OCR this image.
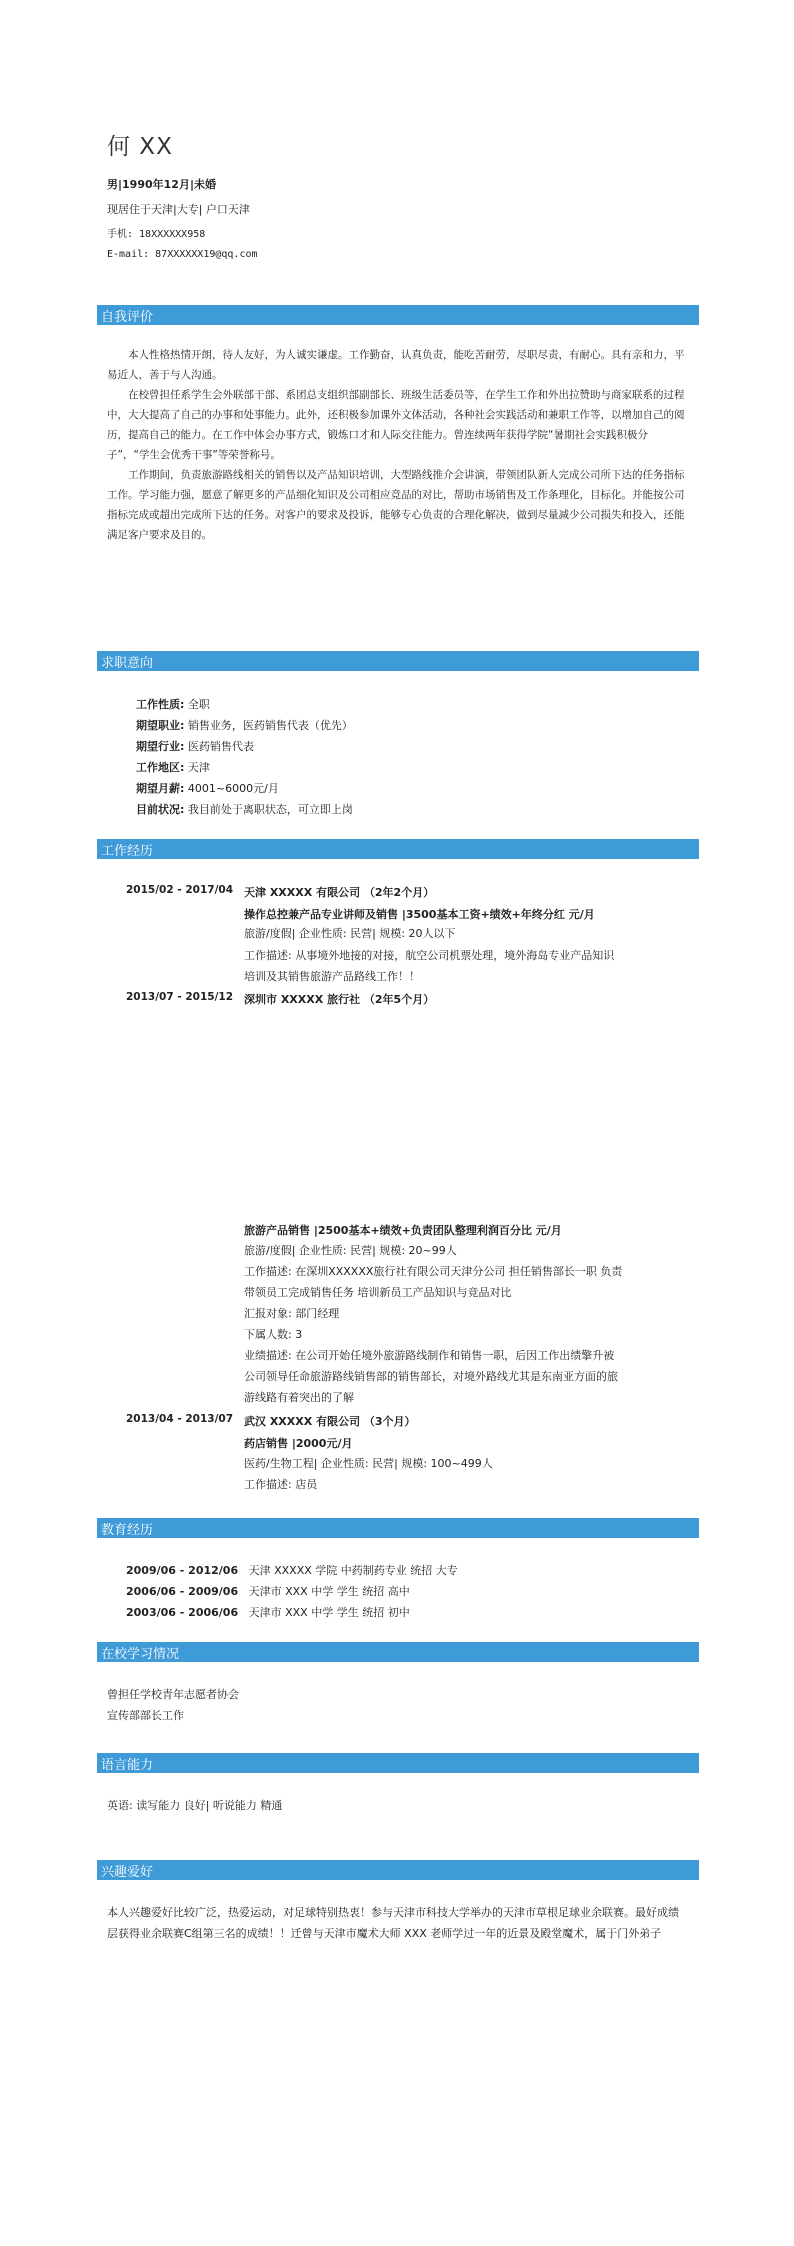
何 XX
男|1990年12月|未婚
现居住于天津|大专| 户口天津
手机: 18XXXXXX958
E-mail: 87XXXXXX19@qq.com
自我评价

本人性格热情开朗，待人友好，为人诚实谦虚。工作勤奋，认真负责，能吃苦耐劳，尽职尽责，有耐心。具有亲和力，平易近人，善于与人沟通。

在校曾担任系学生会外联部干部、系团总支组织部副部长、班级生活委员等，在学生工作和外出拉赞助与商家联系的过程中，大大提高了自己的办事和处事能力。此外，还积极参加课外文体活动，各种社会实践活动和兼职工作等，以增加自己的阅历，提高自己的能力。在工作中体会办事方式，锻炼口才和人际交往能力。曾连续两年获得学院“暑期社会实践积极分子”，“学生会优秀干事”等荣誉称号。

工作期间，负责旅游路线相关的销售以及产品知识培训，大型路线推介会讲演，带领团队新人完成公司所下达的任务指标工作。学习能力强，愿意了解更多的产品细化知识及公司相应竞品的对比，帮助市场销售及工作条理化，目标化。并能按公司指标完成或超出完成所下达的任务。对客户的要求及投诉，能够专心负责的合理化解决，做到尽量减少公司损失和投入，还能满足客户要求及目的。

求职意向
工作性质: 全职
期望职业: 销售业务，医药销售代表（优先）
期望行业: 医药销售代表
工作地区: 天津
期望月薪: 4001~6000元/月
目前状况: 我目前处于离职状态，可立即上岗
工作经历
2015/02 - 2017/04 天津 XXXXX 有限公司 （2年2个月）
操作总控兼产品专业讲师及销售 |3500基本工资+绩效+年终分红 元/月
旅游/度假| 企业性质: 民营| 规模: 20人以下
工作描述: 从事境外地接的对接，航空公司机票处理，境外海岛专业产品知识
培训及其销售旅游产品路线工作！！
2013/07 - 2015/12 深圳市 XXXXX 旅行社 （2年5个月）
旅游产品销售 |2500基本+绩效+负责团队整理利润百分比 元/月
旅游/度假| 企业性质: 民营| 规模: 20~99人
工作描述: 在深圳XXXXXX旅行社有限公司天津分公司 担任销售部长一职 负责
带领员工完成销售任务 培训新员工产品知识与竞品对比
汇报对象: 部门经理
下属人数: 3
业绩描述: 在公司开始任境外旅游路线制作和销售一职，后因工作出绩擎升被
公司领导任命旅游路线销售部的销售部长，对境外路线尤其是东南亚方面的旅
游线路有着突出的了解
2013/04 - 2013/07 武汉 XXXXX 有限公司 （3个月）
药店销售 |2000元/月
医药/生物工程| 企业性质: 民营| 规模: 100~499人
工作描述: 店员
教育经历
2009/06 - 2012/06 天津 XXXXX 学院 中药制药专业 统招 大专
2006/06 - 2009/06 天津市 XXX 中学 学生 统招 高中
2003/06 - 2006/06 天津市 XXX 中学 学生 统招 初中
在校学习情况
曾担任学校青年志愿者协会
宣传部部长工作
语言能力
英语: 读写能力 良好| 听说能力 精通
兴趣爱好
本人兴趣爱好比较广泛，热爱运动，对足球特别热衷！参与天津市科技大学举办的天津市草根足球业余联赛。最好成绩层获得业余联赛C组第三名的成绩！！迁曾与天津市魔术大师 XXX 老师学过一年的近景及殿堂魔术，属于门外弟子
